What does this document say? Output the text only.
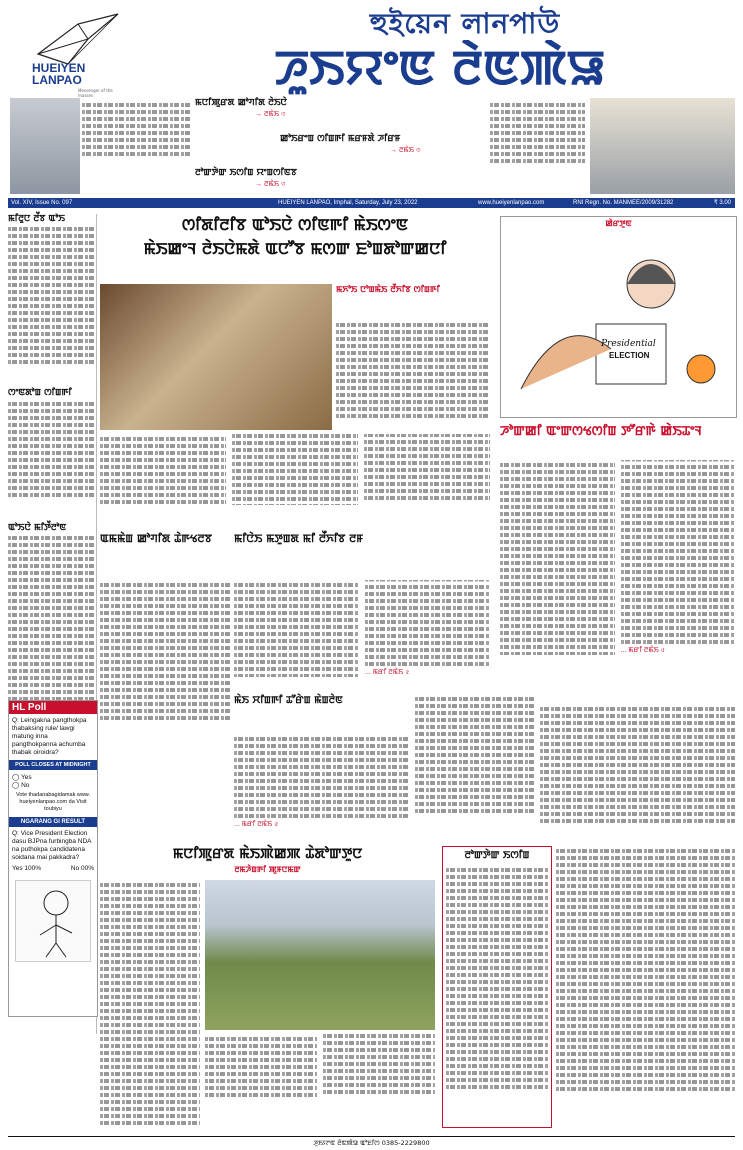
HUEIYEN LANPAO
Messenger of the masses
হুইয়েন লানপাউ
ꯍꯨꯏꯌꯦꯟ ꯂꯥꯟꯄꯥꯎ
ꯃꯅꯤꯄꯨꯔꯗ ꯀꯣꯚꯤꯗ ꯂꯥꯏꯅꯥ
→ ꯂꯃꯥꯏ ৩
ꯀꯣꯏꯔꯦꯡ ꯁꯤꯡꯒꯤ ꯃꯔꯝꯗꯥ ꯍꯤꯔꯝ
→ ꯂꯃꯥꯏ ৩
ꯂꯣꯛꯇꯥꯛ ꯏꯁꯤꯡ ꯌꯦꯡꯁꯤꯟꯕ
→ ꯂꯃꯥꯏ ৩
Vol. XIV, Issue No. 097	HUEIYEN LANPAO, Imphal, Saturday, July 23, 2022	www.hueiyenlanpao.com	RNI Regn. No. MANMEE/2009/31282	₹ 3.00
ꯃꯤꯂꯨꯅ ꯂꯩꯕ ꯑꯣꯏ
ꯁꯦꯟꯗꯣꯡ ꯁꯤꯡꯒꯤ
ꯑꯣꯏꯅꯥ ꯃꯤꯇꯩꯂꯣꯟ
HL Poll
Q: Leingakna pangthokpa thabaksing rule/ lawgi matung inna pangthokpanna achumba thabak oiroidra?
POLL CLOSES AT MIDNIGHT
◯ Yes
◯ No
Vote thadanabagidamak www. hueiyenlanpao.com da Visit toubiyu
NGARANG GI RESULT
Q: Vice President Election dasu BJPna furbingba NDA na puthokpa candidatena soidana mai pakkadra?
Yes 100%	No 00%
ꯁꯤꯗꯤꯂꯤꯕ ꯑꯣꯏꯅꯥ ꯁꯤꯟꯒꯤ ꯃꯥꯏꯁꯦꯟ
ꯃꯥꯏꯀꯦꯜ ꯂꯥꯏꯅꯥꯃꯗꯥ ꯑꯅꯧꯕ ꯃꯁꯛ ꯐꯣꯡꯗꯣꯛꯀꯅꯤ
ꯃꯈꯣꯏ ꯅꯣꯡꯃꯥꯏ ꯂꯩꯈꯤꯕ ꯁꯤꯡꯒꯤ
ꯀꯥꯔꯇꯨꯟ
Presidential
ELECTION
ꯍꯣꯛꯀꯤ ꯑꯦꯛꯁꯠꯁꯤꯡ ꯇꯧꯔꯒꯥ ꯀꯥꯏꯊꯦꯜ
... ꯃꯔꯤ ꯂꯃꯥꯏ ৫
ꯑꯃꯃꯥꯡ ꯀꯣꯚꯤꯗ ꯊꯥꯒꯠꯂꯕ	ꯃꯤꯅꯥꯏ ꯃꯇꯨꯡꯗ ꯃꯤ ꯂꯩꯈꯤꯕ ꯂꯝ
... ꯃꯔꯤ ꯂꯃꯥꯏ ৫
ꯃꯥꯏ ꯆꯤꯡꯒꯤ ꯊꯧꯔꯥꯡ ꯃꯥꯡꯂꯥꯟ
... ꯃꯔꯤ ꯂꯃꯥꯏ ৫
ꯃꯅꯤꯄꯨꯔꯗ ꯃꯥꯏꯄꯥꯀꯄ ꯊꯥꯗꯣꯛꯇꯨꯅ
ꯂꯃꯍꯥꯡꯒꯤ ꯄꯨꯝꯅꯃꯛ
ꯂꯣꯛꯇꯥꯛ ꯏꯁꯤꯡ
ꯍꯨꯏꯌꯦꯟ ꯂꯥꯟꯄꯥꯎ ꯑꯣꯐꯤꯁ 0385-2229800
